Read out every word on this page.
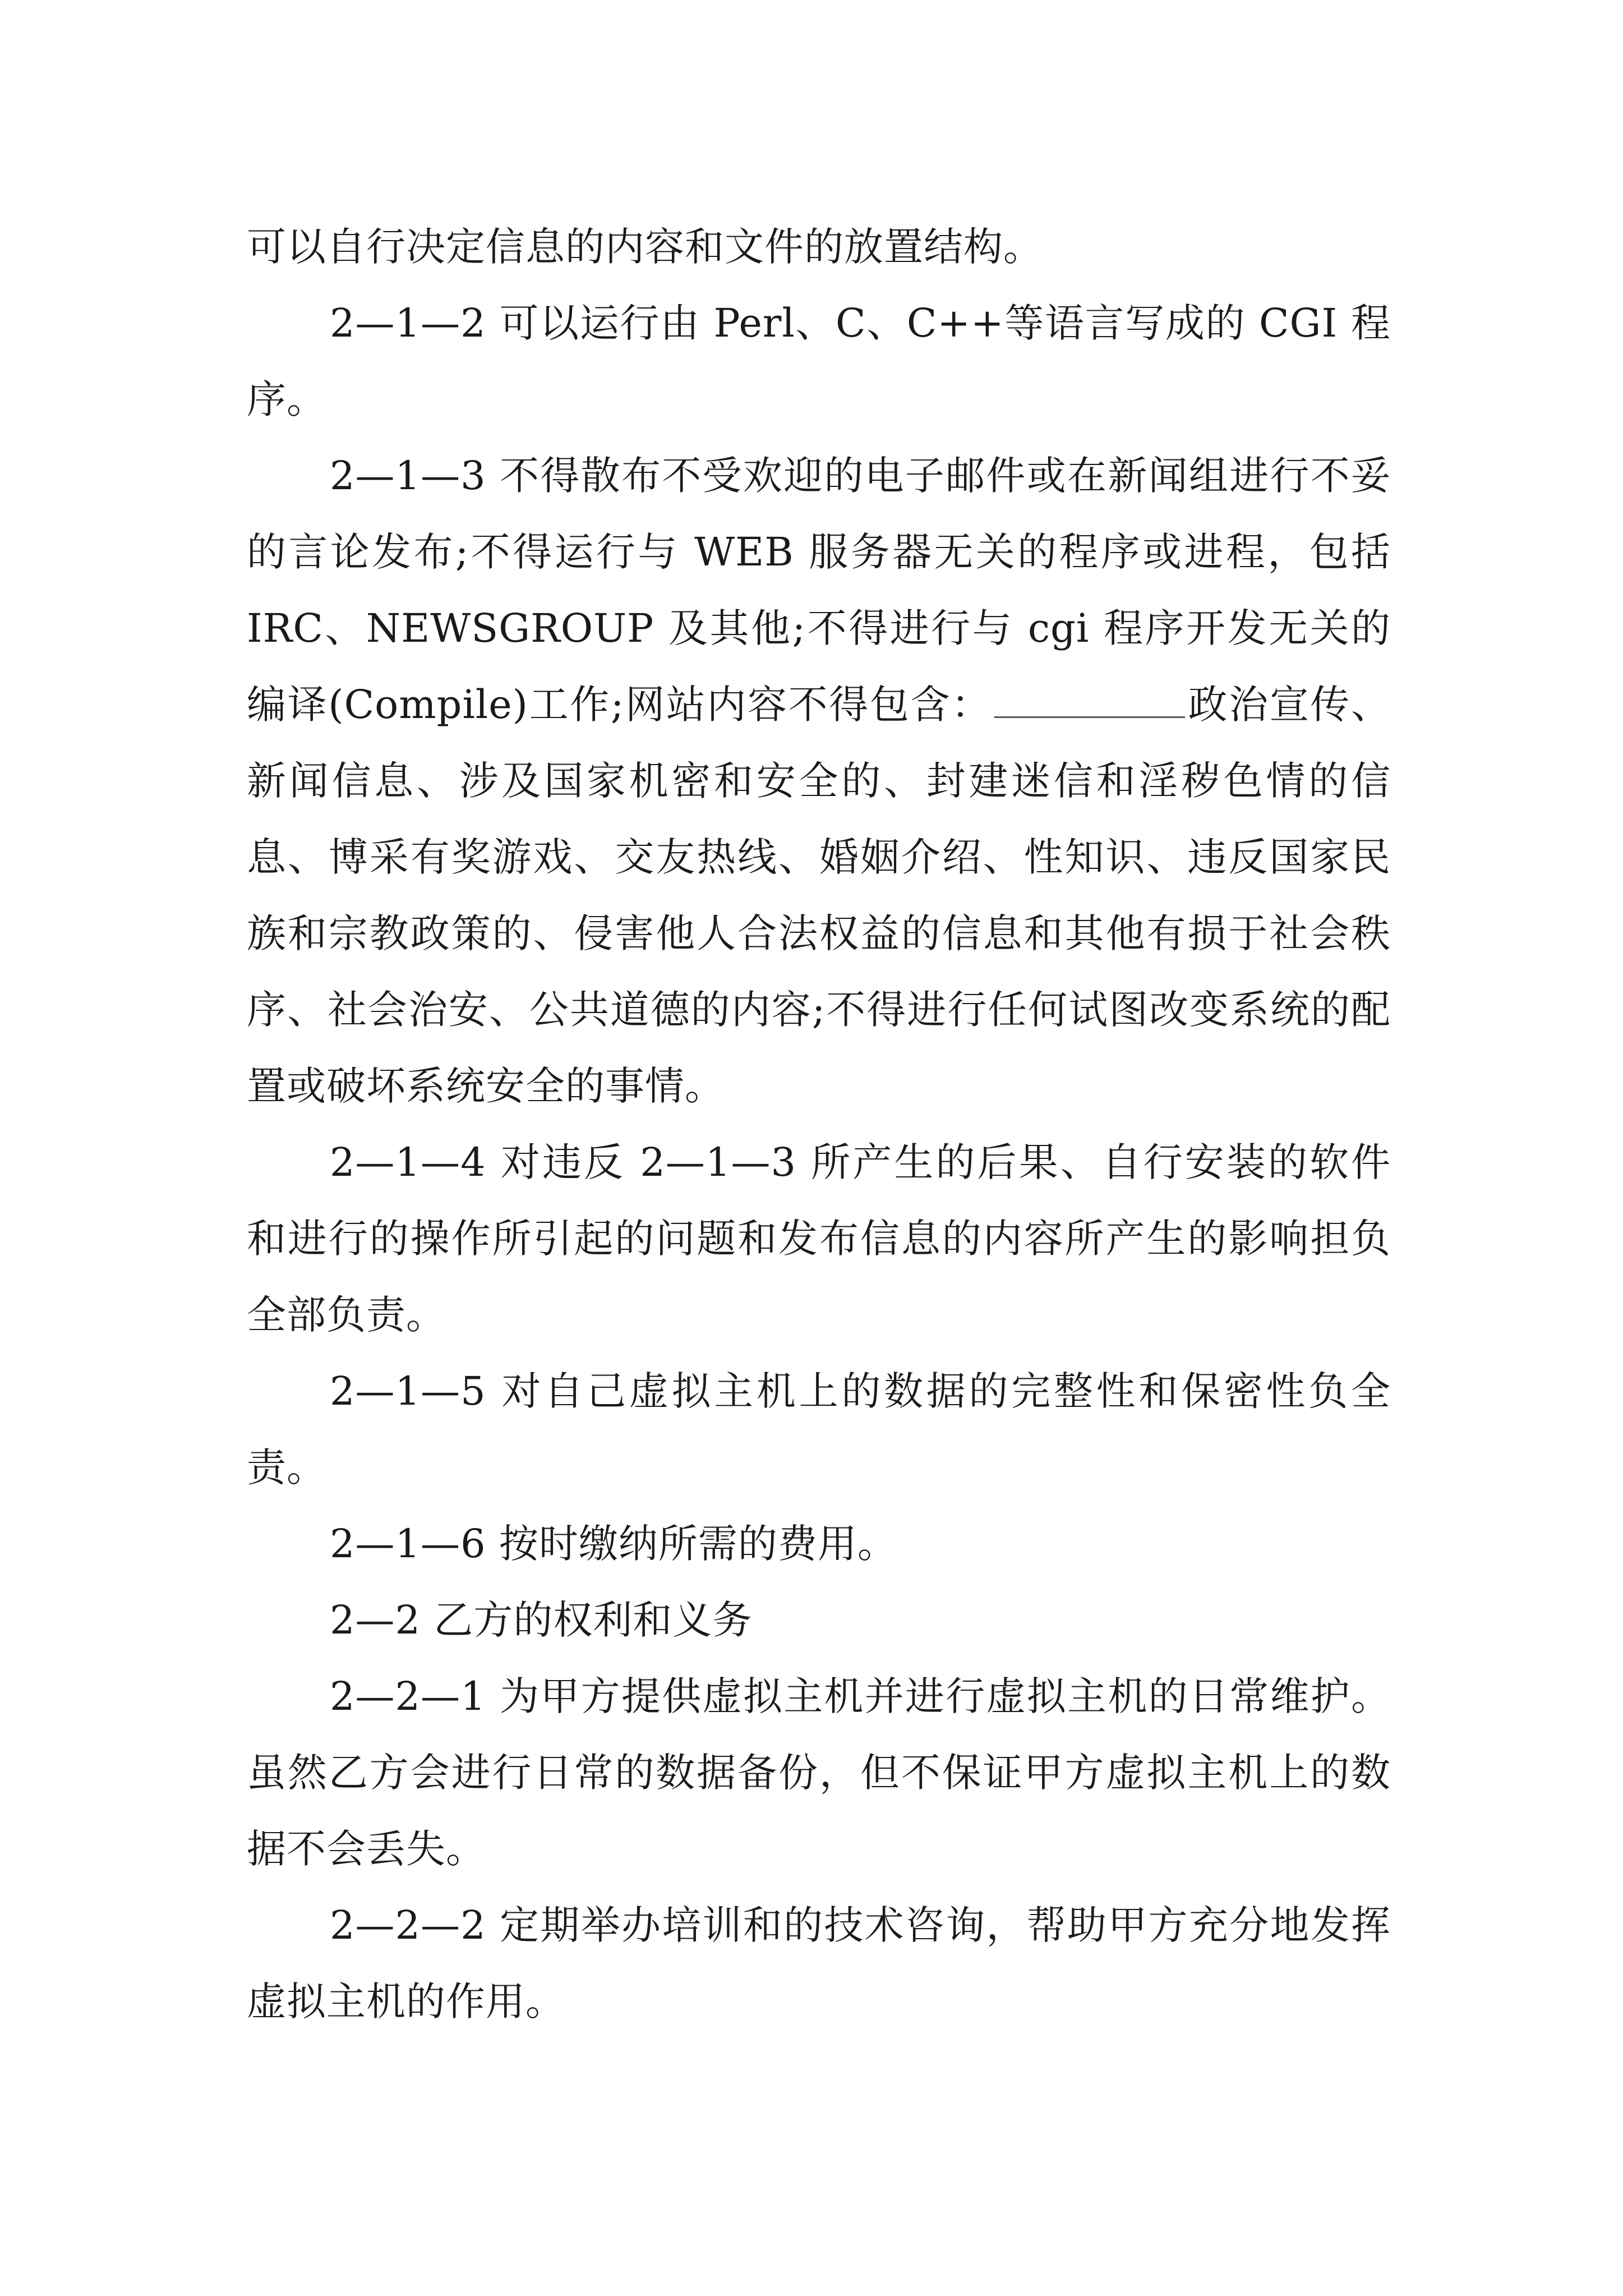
可以自行决定信息的内容和文件的放置结构。

2—1—2 可以运行由 Perl、C、C++等语言写成的 CGI 程序。

2—1—3 不得散布不受欢迎的电子邮件或在新闻组进行不妥的言论发布;不得运行与 WEB 服务器无关的程序或进程，包括 IRC、NEWSGROUP 及其他;不得进行与 cgi 程序开发无关的编译(Compile)工作;网站内容不得包含：	政治宣传、新闻信息、涉及国家机密和安全的、封建迷信和淫秽色情的信息、博采有奖游戏、交友热线、婚姻介绍、性知识、违反国家民族和宗教政策的、侵害他人合法权益的信息和其他有损于社会秩序、社会治安、公共道德的内容;不得进行任何试图改变系统的配置或破坏系统安全的事情。

2—1—4 对违反 2—1—3 所产生的后果、自行安装的软件和进行的操作所引起的问题和发布信息的内容所产生的影响担负全部负责。

2—1—5 对自己虚拟主机上的数据的完整性和保密性负全责。

2—1—6 按时缴纳所需的费用。

2—2 乙方的权利和义务

2—2—1 为甲方提供虚拟主机并进行虚拟主机的日常维护。虽然乙方会进行日常的数据备份，但不保证甲方虚拟主机上的数据不会丢失。

2—2—2 定期举办培训和的技术咨询，帮助甲方充分地发挥虚拟主机的作用。
